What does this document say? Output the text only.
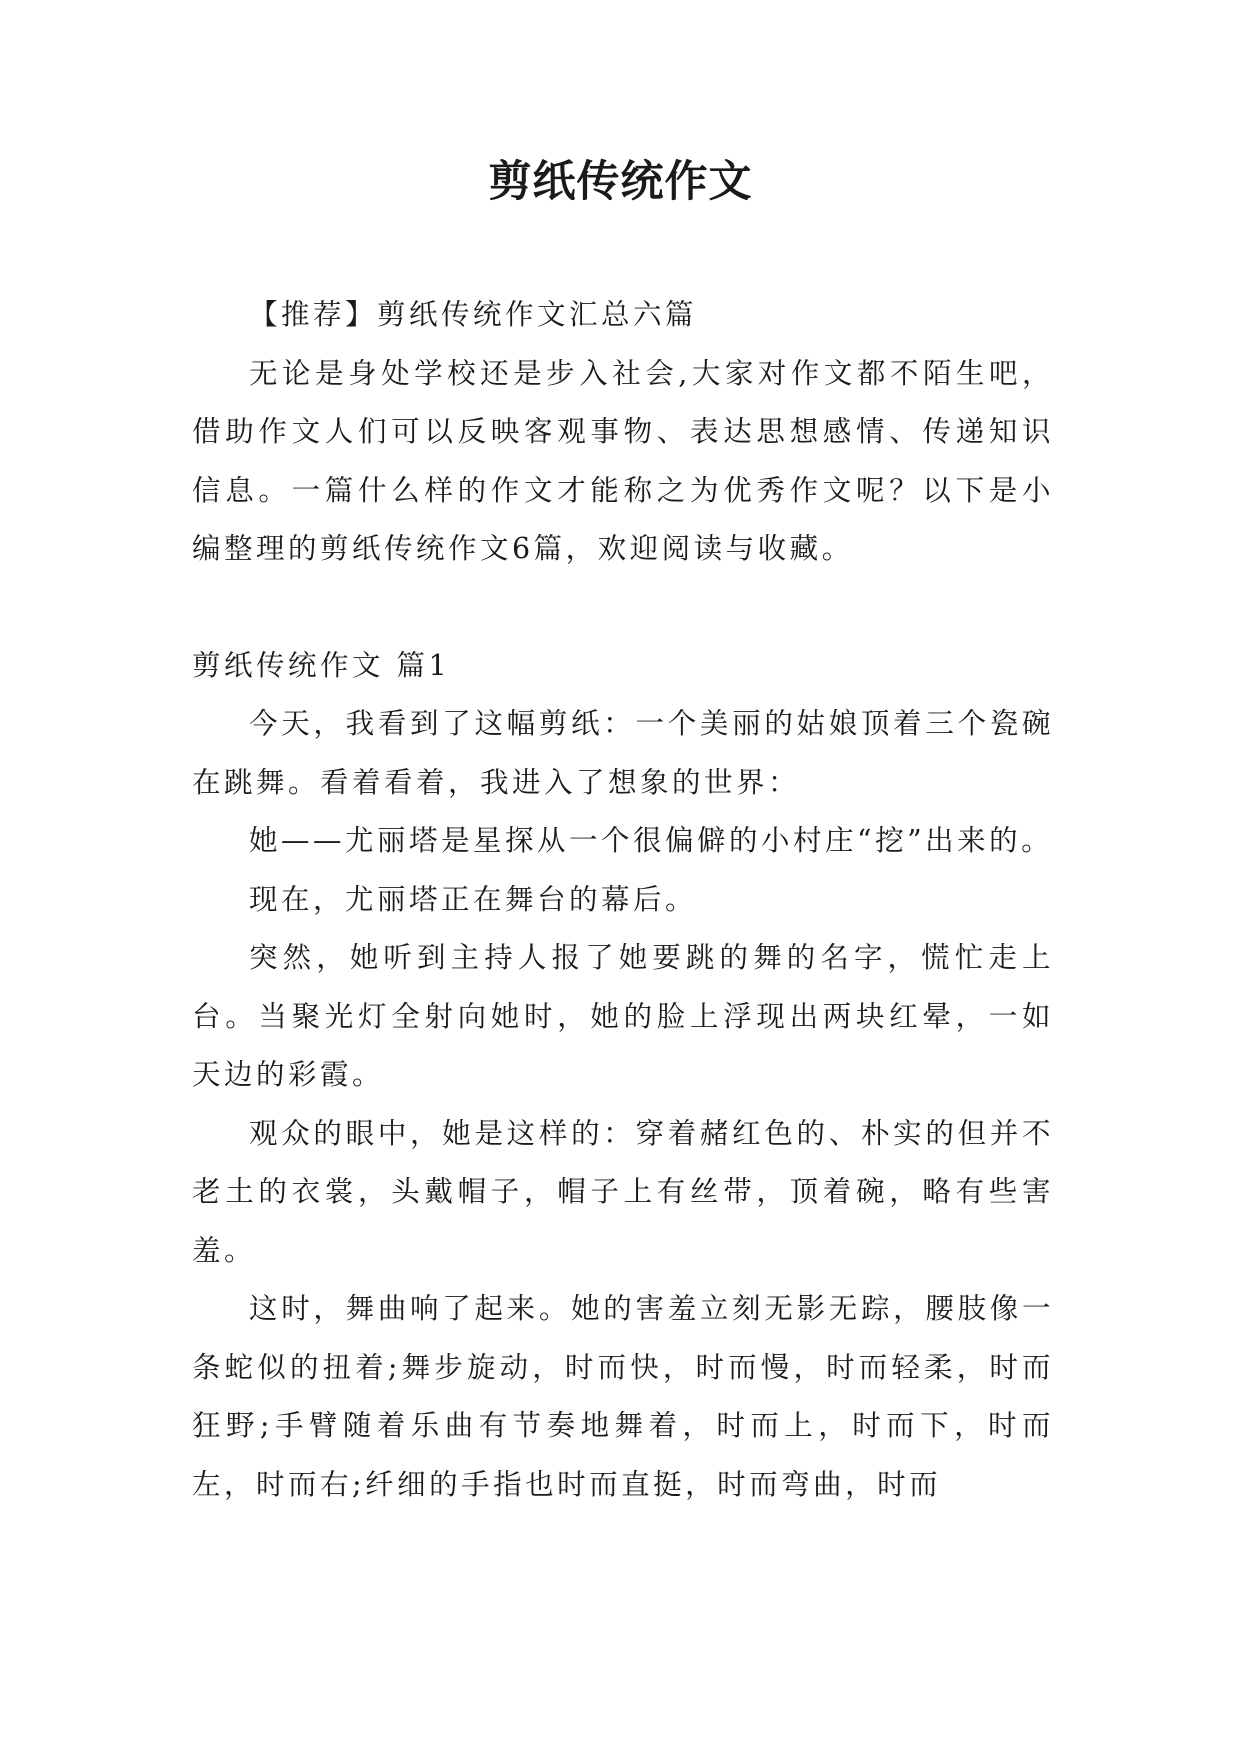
剪纸传统作文

【推荐】剪纸传统作文汇总六篇

无论是身处学校还是步入社会,大家对作文都不陌生吧，借助作文人们可以反映客观事物、表达思想感情、传递知识信息。一篇什么样的作文才能称之为优秀作文呢？以下是小编整理的剪纸传统作文6篇，欢迎阅读与收藏。

剪纸传统作文 篇1

今天，我看到了这幅剪纸：一个美丽的姑娘顶着三个瓷碗在跳舞。看着看着，我进入了想象的世界：

她——尤丽塔是星探从一个很偏僻的小村庄“挖”出来的。

现在，尤丽塔正在舞台的幕后。

突然，她听到主持人报了她要跳的舞的名字，慌忙走上台。当聚光灯全射向她时，她的脸上浮现出两块红晕，一如天边的彩霞。

观众的眼中，她是这样的：穿着赭红色的、朴实的但并不老土的衣裳，头戴帽子，帽子上有丝带，顶着碗，略有些害羞。

这时，舞曲响了起来。她的害羞立刻无影无踪，腰肢像一条蛇似的扭着;舞步旋动，时而快，时而慢，时而轻柔，时而狂野;手臂随着乐曲有节奏地舞着，时而上，时而下，时而左，时而右;纤细的手指也时而直挺，时而弯曲，时而
